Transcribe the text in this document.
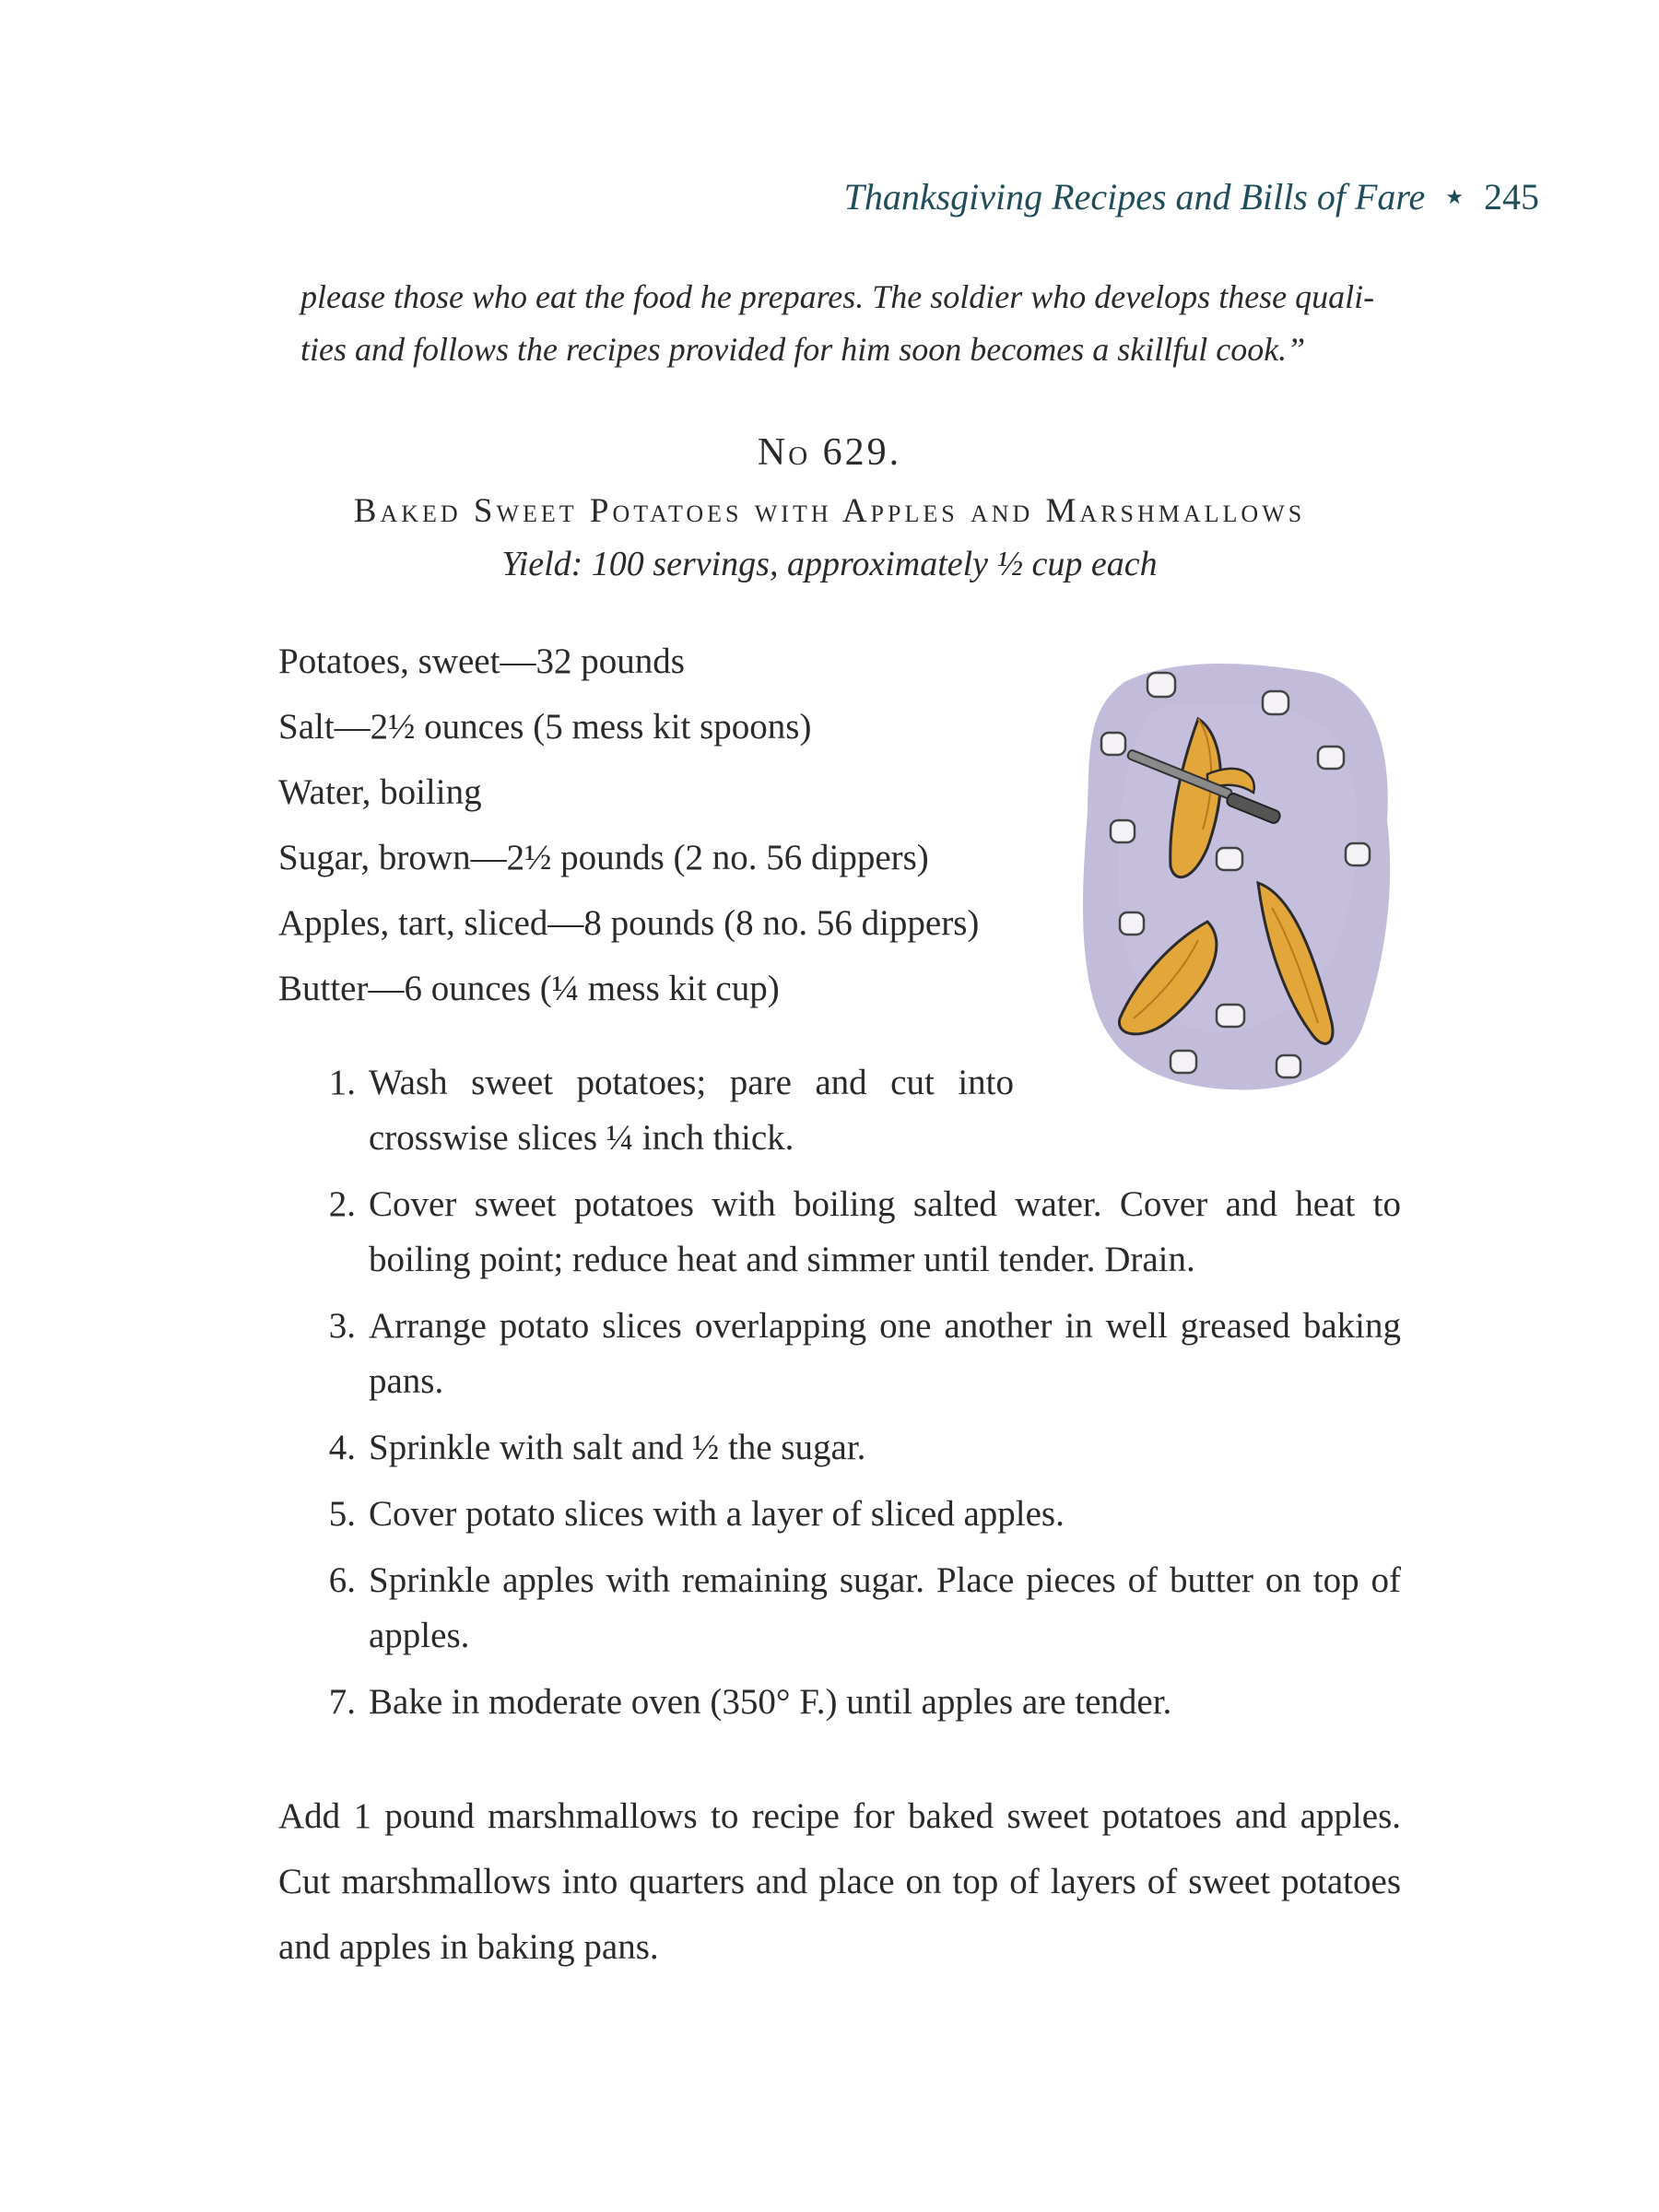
Thanksgiving Recipes and Bills of Fare ★ 245
please those who eat the food he prepares. The soldier who develops these quali-
ties and follows the recipes provided for him soon becomes a skillful cook.”
No 629.
Baked Sweet Potatoes with Apples and Marshmallows
Yield: 100 servings, approximately ½ cup each
Potatoes, sweet—32 pounds
Salt—2½ ounces (5 mess kit spoons)
Water, boiling
Sugar, brown—2½ pounds (2 no. 56 dippers)
Apples, tart, sliced—8 pounds (8 no. 56 dippers)
Butter—6 ounces (¼ mess kit cup)
1. Wash sweet potatoes; pare and cut into crosswise slices ¼ inch thick.
2. Cover sweet potatoes with boiling salted water. Cover and heat to boiling point; reduce heat and simmer until tender. Drain.
3. Arrange potato slices overlapping one another in well greased baking pans.
4. Sprinkle with salt and ½ the sugar.
5. Cover potato slices with a layer of sliced apples.
6. Sprinkle apples with remaining sugar. Place pieces of butter on top of apples.
7. Bake in moderate oven (350° F.) until apples are tender.
Add 1 pound marshmallows to recipe for baked sweet potatoes and apples. Cut marshmallows into quarters and place on top of layers of sweet potatoes and apples in baking pans.
